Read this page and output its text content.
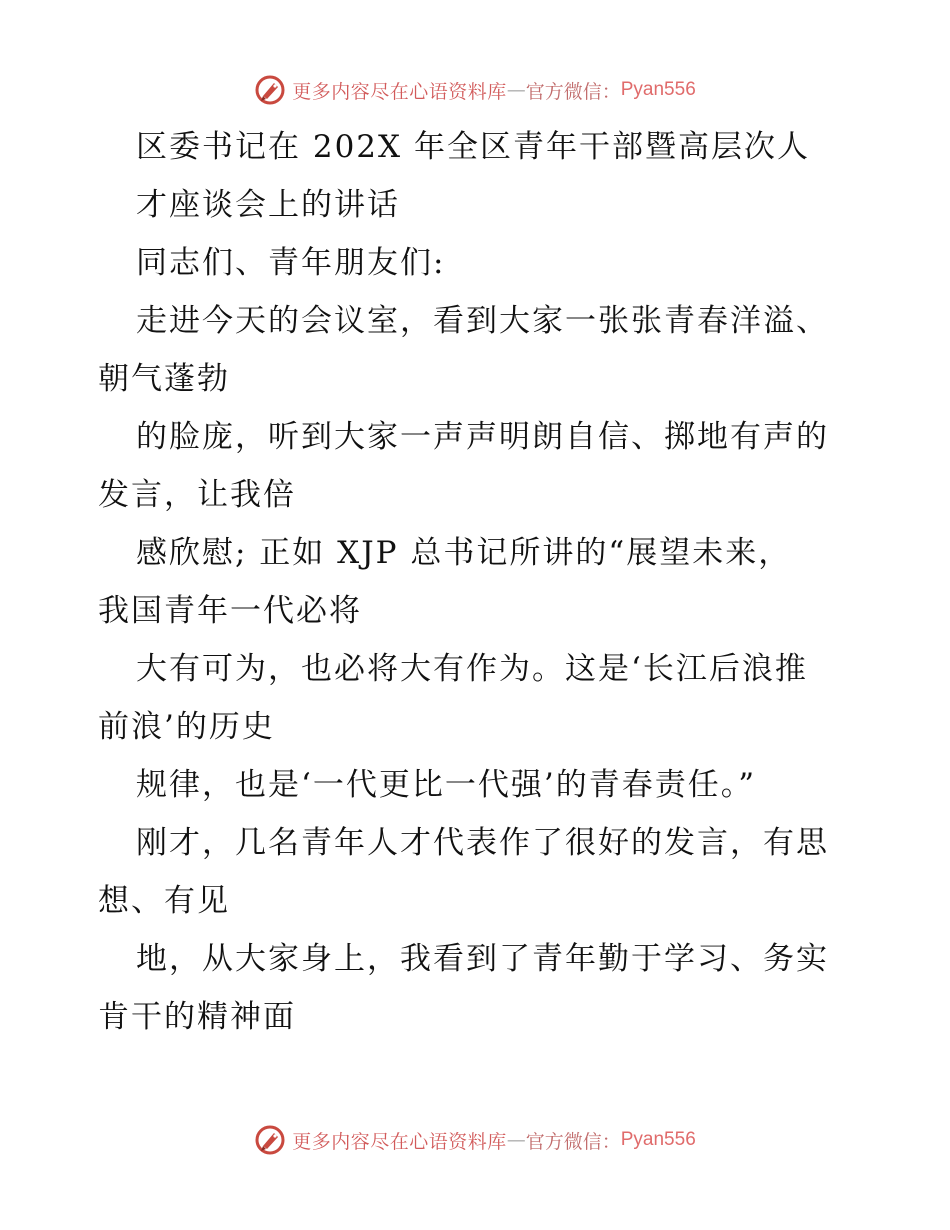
更多内容尽在心语资料库 — 官方微信： Pyan556
区委书记在 202X 年全区青年干部暨高层次人
才座谈会上的讲话
同志们、青年朋友们:
走进今天的会议室，看到大家一张张青春洋溢、
朝气蓬勃
的脸庞，听到大家一声声明朗自信、掷地有声的
发言，让我倍
感欣慰; 正如 XJP 总书记所讲的“展望未来，
我国青年一代必将
大有可为，也必将大有作为。这是‘长江后浪推
前浪’的历史
规律，也是‘一代更比一代强’的青春责任。”
刚才，几名青年人才代表作了很好的发言，有思
想、有见
地，从大家身上，我看到了青年勤于学习、务实
肯干的精神面
更多内容尽在心语资料库 — 官方微信： Pyan556
